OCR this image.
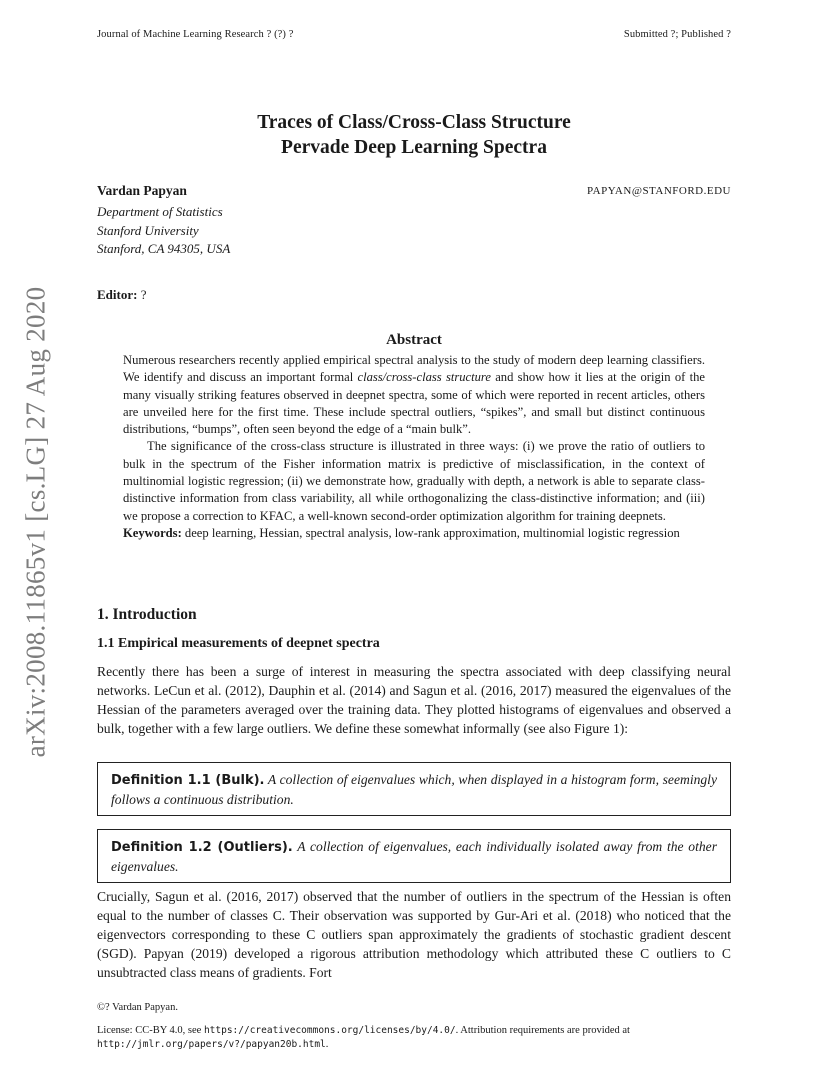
Journal of Machine Learning Research ? (?) ?	Submitted ?; Published ?
arXiv:2008.11865v1 [cs.LG] 27 Aug 2020
Traces of Class/Cross-Class Structure
Pervade Deep Learning Spectra
Vardan Papyan	PAPYAN@STANFORD.EDU
Department of Statistics
Stanford University
Stanford, CA 94305, USA
Editor: ?
Abstract

Numerous researchers recently applied empirical spectral analysis to the study of modern deep learning classifiers. We identify and discuss an important formal class/cross-class structure and show how it lies at the origin of the many visually striking features observed in deepnet spectra, some of which were reported in recent articles, others are unveiled here for the first time. These include spectral outliers, “spikes”, and small but distinct continuous distributions, “bumps”, often seen beyond the edge of a “main bulk”.

The significance of the cross-class structure is illustrated in three ways: (i) we prove the ratio of outliers to bulk in the spectrum of the Fisher information matrix is predictive of misclassification, in the context of multinomial logistic regression; (ii) we demonstrate how, gradually with depth, a network is able to separate class-distinctive information from class variability, all while orthogonalizing the class-distinctive information; and (iii) we propose a correction to KFAC, a well-known second-order optimization algorithm for training deepnets.

Keywords: deep learning, Hessian, spectral analysis, low-rank approximation, multinomial logistic regression

1. Introduction
1.1 Empirical measurements of deepnet spectra

Recently there has been a surge of interest in measuring the spectra associated with deep classifying neural networks. LeCun et al. (2012), Dauphin et al. (2014) and Sagun et al. (2016, 2017) measured the eigenvalues of the Hessian of the parameters averaged over the training data. They plotted histograms of eigenvalues and observed a bulk, together with a few large outliers. We define these somewhat informally (see also Figure 1):

Definition 1.1 (Bulk). A collection of eigenvalues which, when displayed in a histogram form, seemingly follows a continuous distribution.
Definition 1.2 (Outliers). A collection of eigenvalues, each individually isolated away from the other eigenvalues.

Crucially, Sagun et al. (2016, 2017) observed that the number of outliers in the spectrum of the Hessian is often equal to the number of classes C. Their observation was supported by Gur-Ari et al. (2018) who noticed that the eigenvectors corresponding to these C outliers span approximately the gradients of stochastic gradient descent (SGD). Papyan (2019) developed a rigorous attribution methodology which attributed these C outliers to C unsubtracted class means of gradients. Fort

©? Vardan Papyan.
License: CC-BY 4.0, see https://creativecommons.org/licenses/by/4.0/. Attribution requirements are provided at http://jmlr.org/papers/v?/papyan20b.html.
